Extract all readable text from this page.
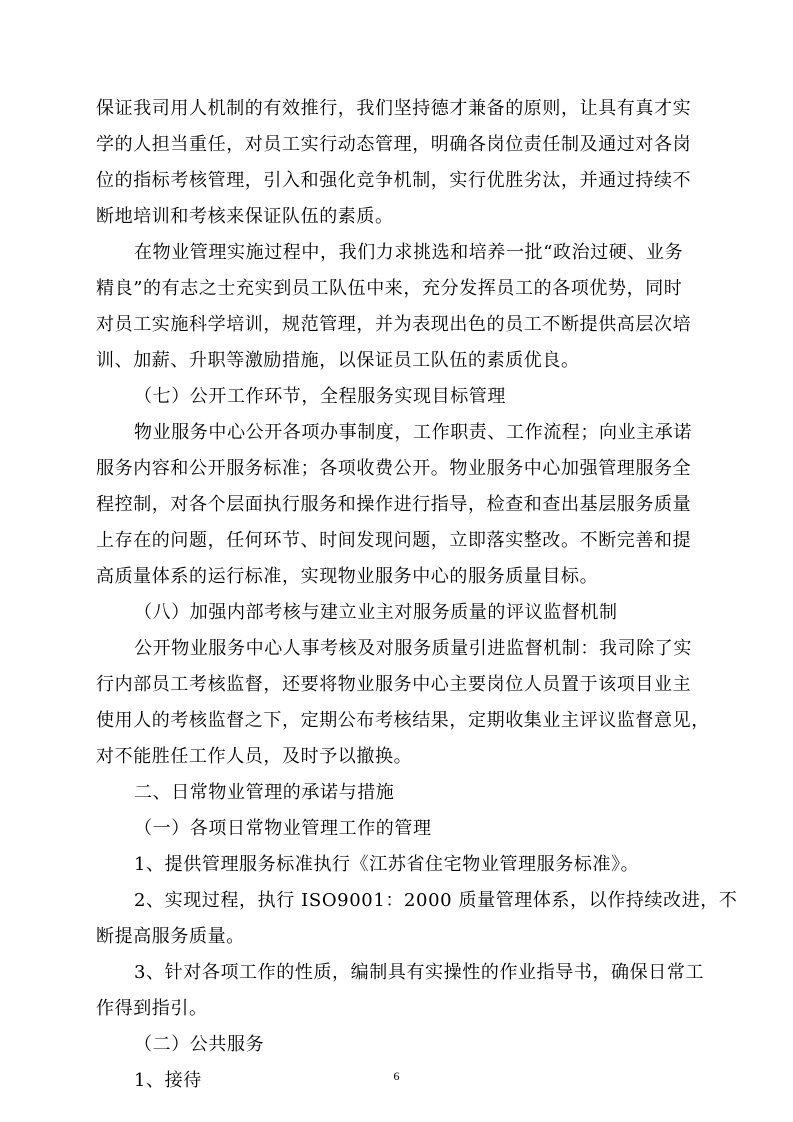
保证我司用人机制的有效推行，我们坚持德才兼备的原则，让具有真才实
学的人担当重任，对员工实行动态管理，明确各岗位责任制及通过对各岗
位的指标考核管理，引入和强化竞争机制，实行优胜劣汰，并通过持续不
断地培训和考核来保证队伍的素质。
在物业管理实施过程中，我们力求挑选和培养一批“政治过硬、业务
精良”的有志之士充实到员工队伍中来，充分发挥员工的各项优势，同时
对员工实施科学培训，规范管理，并为表现出色的员工不断提供高层次培
训、加薪、升职等激励措施，以保证员工队伍的素质优良。
（七）公开工作环节，全程服务实现目标管理
物业服务中心公开各项办事制度，工作职责、工作流程；向业主承诺
服务内容和公开服务标准；各项收费公开。物业服务中心加强管理服务全
程控制，对各个层面执行服务和操作进行指导，检查和查出基层服务质量
上存在的问题，任何环节、时间发现问题，立即落实整改。不断完善和提
高质量体系的运行标准，实现物业服务中心的服务质量目标。
（八）加强内部考核与建立业主对服务质量的评议监督机制
公开物业服务中心人事考核及对服务质量引进监督机制：我司除了实
行内部员工考核监督，还要将物业服务中心主要岗位人员置于该项目业主
使用人的考核监督之下，定期公布考核结果，定期收集业主评议监督意见，
对不能胜任工作人员，及时予以撤换。
二、日常物业管理的承诺与措施
（一）各项日常物业管理工作的管理
1、提供管理服务标准执行《江苏省住宅物业管理服务标准》。
2、实现过程，执行 ISO9001：2000 质量管理体系，以作持续改进，不
断提高服务质量。
3、针对各项工作的性质，编制具有实操性的作业指导书，确保日常工
作得到指引。
（二）公共服务
1、接待	6
